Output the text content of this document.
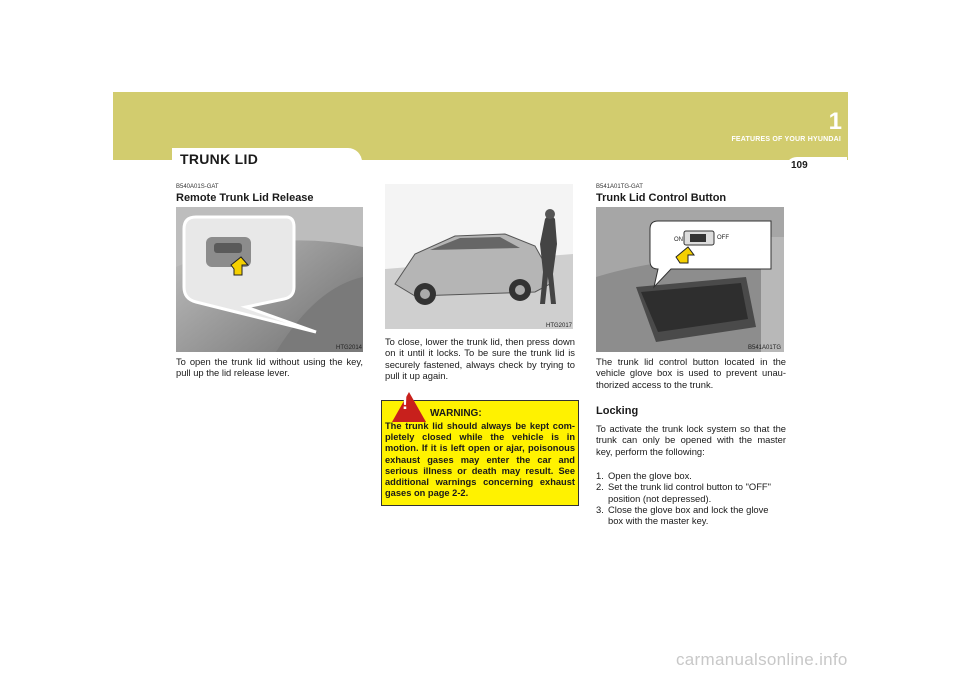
1
FEATURES OF YOUR HYUNDAI
TRUNK LID	109
B540A01S-GAT
Remote Trunk Lid Release
HTG2014
To open the trunk lid without using the key, pull up the lid release lever.
HTG2017
To close, lower the trunk lid, then press down on it until it locks. To be sure the trunk lid is securely fastened, always check by trying to pull it up again.
WARNING:
The trunk lid should always be kept com-pletely closed while the vehicle is in motion. If it is left open or ajar, poisonous exhaust gases may enter the car and serious illness or death may result. See additional warnings concerning exhaust gases on page 2-2.
!
B541A01TG-GAT
Trunk Lid Control Button
ON	OFF
B541A01TG
The trunk lid control button located in the vehicle glove box is used to prevent unau-thorized access to the trunk.
Locking
To activate the trunk lock system so that the trunk can only be opened with the master key, perform the following:
1. Open the glove box.
2. Set the trunk lid control button to "OFF" position (not depressed).
3. Close the glove box and lock the glove box with the master key.
carmanualsonline.info
